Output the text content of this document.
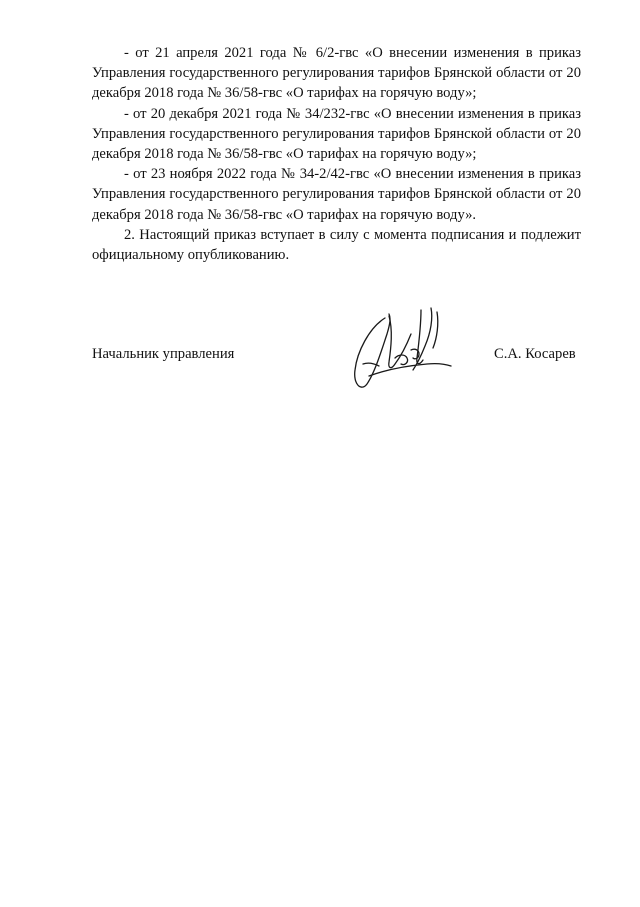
- от 21 апреля 2021 года № 6/2-гвс «О внесении изменения в приказ Управления государственного регулирования тарифов Брянской области от 20 декабря 2018 года № 36/58-гвс «О тарифах на горячую воду»;

- от 20 декабря 2021 года № 34/232-гвс «О внесении изменения в приказ Управления государственного регулирования тарифов Брянской области от 20 декабря 2018 года № 36/58-гвс «О тарифах на горячую воду»;

- от 23 ноября 2022 года № 34-2/42-гвс «О внесении изменения в приказ Управления государственного регулирования тарифов Брянской области от 20 декабря 2018 года № 36/58-гвс «О тарифах на горячую воду».

2. Настоящий приказ вступает в силу с момента подписания и подлежит официальному опубликованию.

Начальник управления	С.А. Косарев
